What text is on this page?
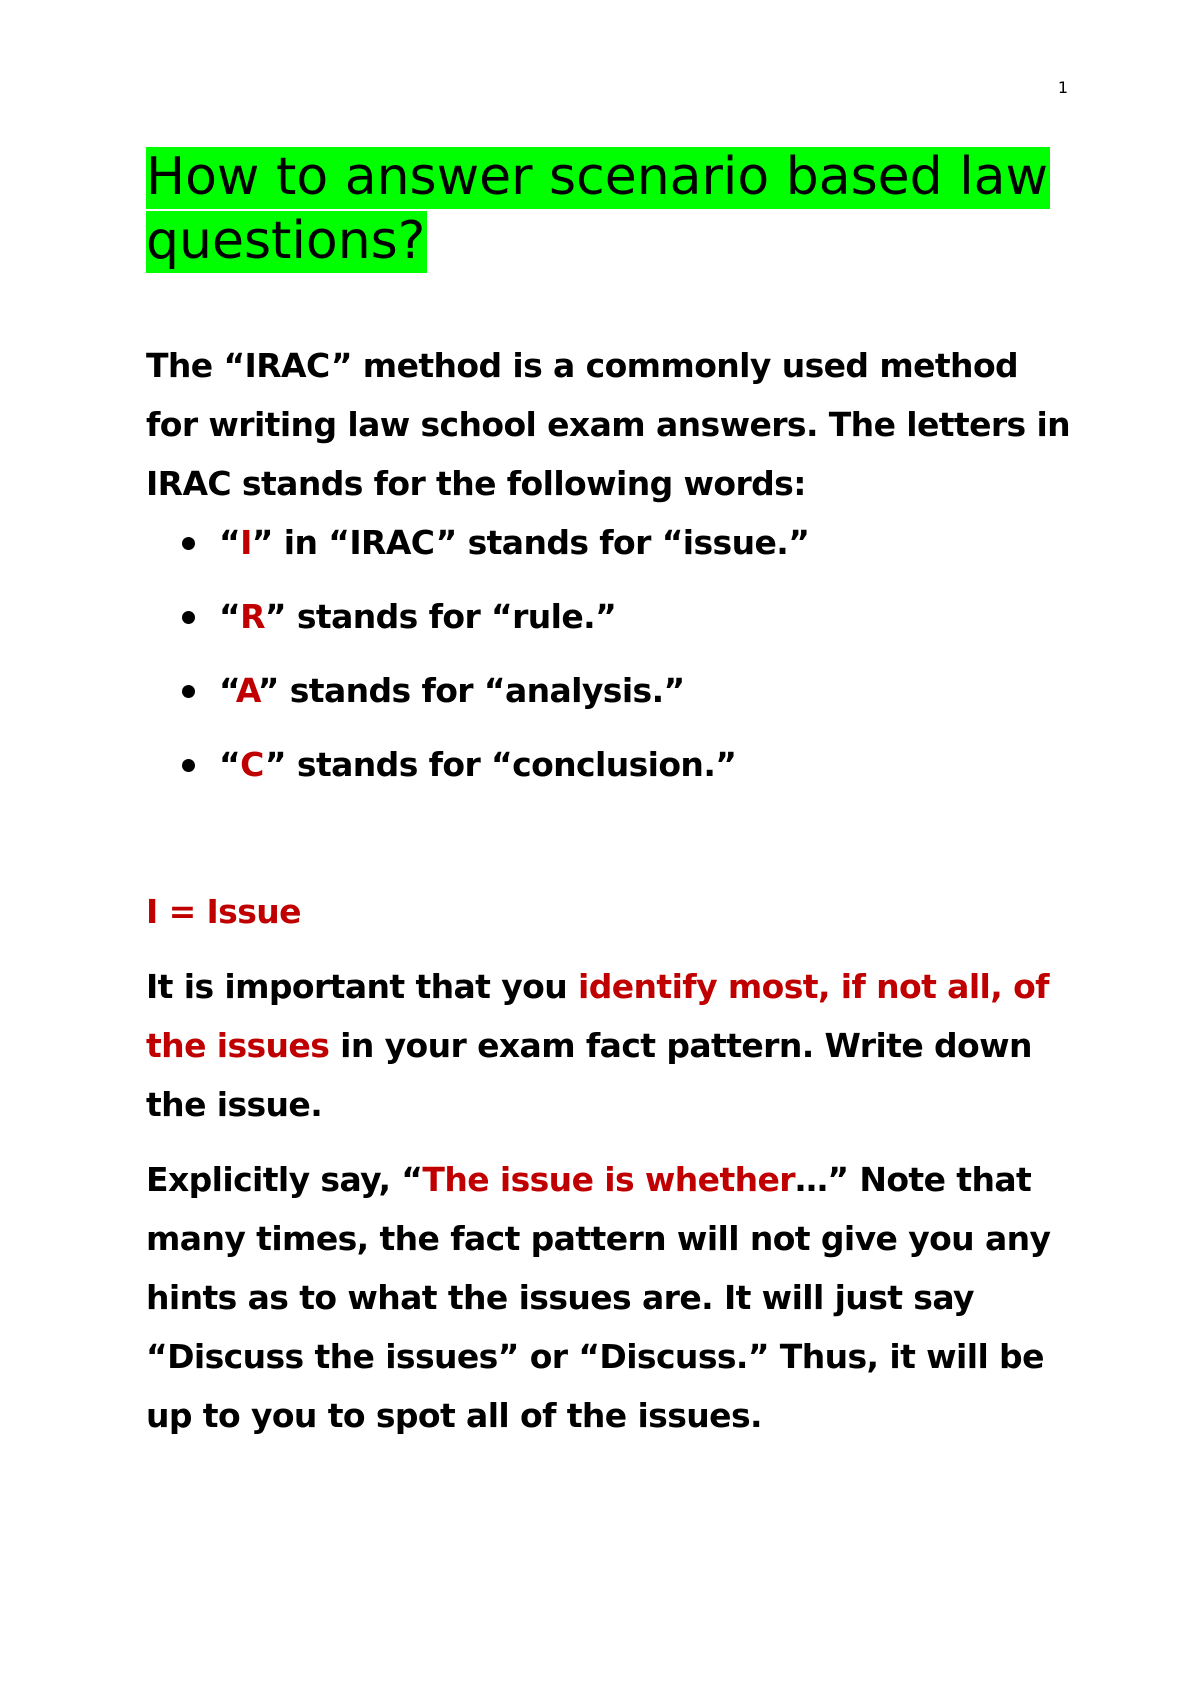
1
How to answer scenario based law questions?

The “IRAC” method is a commonly used method for writing law school exam answers. The letters in IRAC stands for the following words:

“I” in “IRAC” stands for “issue.”
“R” stands for “rule.”
“A” stands for “analysis.”
“C” stands for “conclusion.”
I = Issue

It is important that you identify most, if not all, of the issues in your exam fact pattern. Write down the issue.

Explicitly say, “The issue is whether…” Note that many times, the fact pattern will not give you any hints as to what the issues are. It will just say “Discuss the issues” or “Discuss.” Thus, it will be up to you to spot all of the issues.
